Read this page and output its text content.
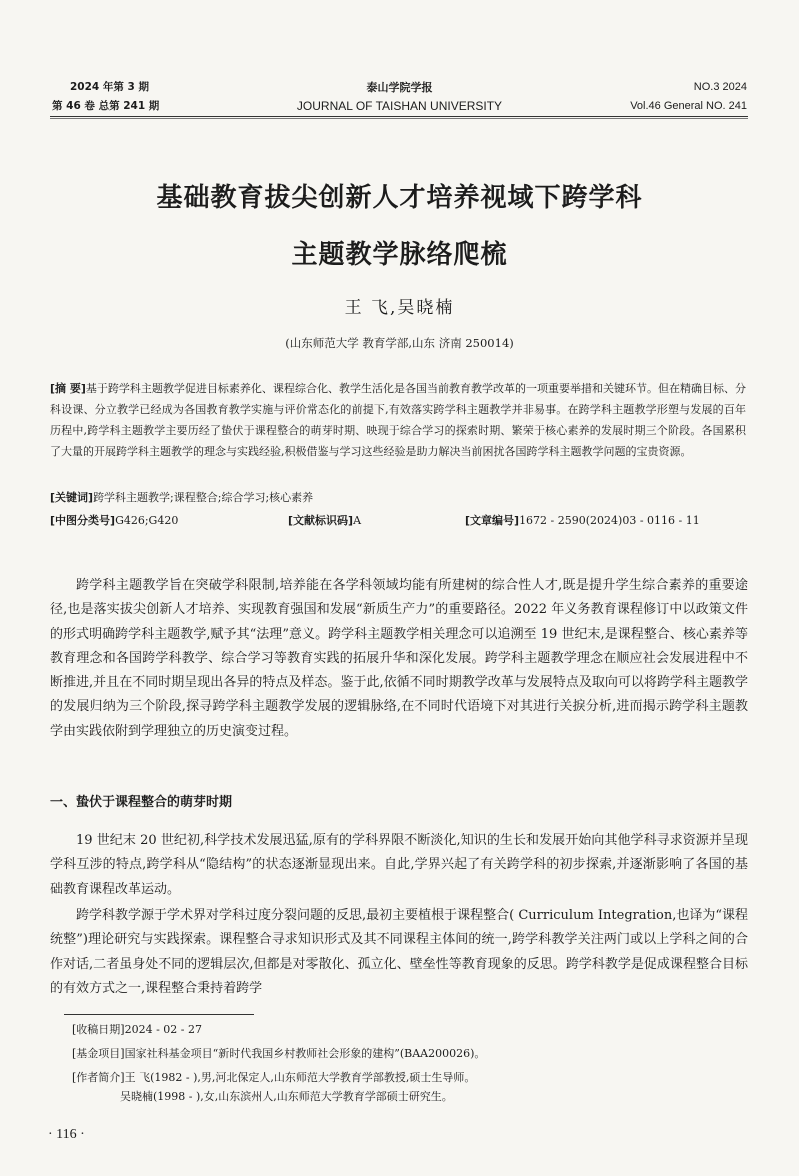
2024 年第 3 期
第 46 卷 总第 241 期
泰山学院学报
JOURNAL OF TAISHAN UNIVERSITY
NO.3 2024
Vol.46 General NO. 241
基础教育拔尖创新人才培养视域下跨学科
主题教学脉络爬梳
王 飞,吴晓楠
(山东师范大学 教育学部,山东 济南 250014)
[摘 要]基于跨学科主题教学促进目标素养化、课程综合化、教学生活化是各国当前教育教学改革的一项重要举措和关键环节。但在精确目标、分科设课、分立教学已经成为各国教育教学实施与评价常态化的前提下,有效落实跨学科主题教学并非易事。在跨学科主题教学形塑与发展的百年历程中,跨学科主题教学主要历经了蛰伏于课程整合的萌芽时期、映现于综合学习的探索时期、繁荣于核心素养的发展时期三个阶段。各国累积了大量的开展跨学科主题教学的理念与实践经验,积极借鉴与学习这些经验是助力解决当前困扰各国跨学科主题教学问题的宝贵资源。
[关键词]跨学科主题教学;课程整合;综合学习;核心素养
[中图分类号]G426;G420	[文献标识码]A	[文章编号]1672 - 2590(2024)03 - 0116 - 11
跨学科主题教学旨在突破学科限制,培养能在各学科领域均能有所建树的综合性人才,既是提升学生综合素养的重要途径,也是落实拔尖创新人才培养、实现教育强国和发展“新质生产力”的重要路径。2022 年义务教育课程修订中以政策文件的形式明确跨学科主题教学,赋予其“法理”意义。跨学科主题教学相关理念可以追溯至 19 世纪末,是课程整合、核心素养等教育理念和各国跨学科教学、综合学习等教育实践的拓展升华和深化发展。跨学科主题教学理念在顺应社会发展进程中不断推进,并且在不同时期呈现出各异的特点及样态。鉴于此,依循不同时期教学改革与发展特点及取向可以将跨学科主题教学的发展归纳为三个阶段,探寻跨学科主题教学发展的逻辑脉络,在不同时代语境下对其进行关捩分析,进而揭示跨学科主题教学由实践依附到学理独立的历史演变过程。
一、蛰伏于课程整合的萌芽时期
19 世纪末 20 世纪初,科学技术发展迅猛,原有的学科界限不断淡化,知识的生长和发展开始向其他学科寻求资源并呈现学科互涉的特点,跨学科从“隐结构”的状态逐渐显现出来。自此,学界兴起了有关跨学科的初步探索,并逐渐影响了各国的基础教育课程改革运动。
跨学科教学源于学术界对学科过度分裂问题的反思,最初主要植根于课程整合( Curriculum Integration,也译为“课程统整”)理论研究与实践探索。课程整合寻求知识形式及其不同课程主体间的统一,跨学科教学关注两门或以上学科之间的合作对话,二者虽身处不同的逻辑层次,但都是对零散化、孤立化、壁垒性等教育现象的反思。跨学科教学是促成课程整合目标的有效方式之一,课程整合秉持着跨学
[收稿日期]2024 - 02 - 27
[基金项目]国家社科基金项目“新时代我国乡村教师社会形象的建构”(BAA200026)。
[作者简介]王 飞(1982 - ),男,河北保定人,山东师范大学教育学部教授,硕士生导师。
吴晓楠(1998 - ),女,山东滨州人,山东师范大学教育学部硕士研究生。
· 116 ·
